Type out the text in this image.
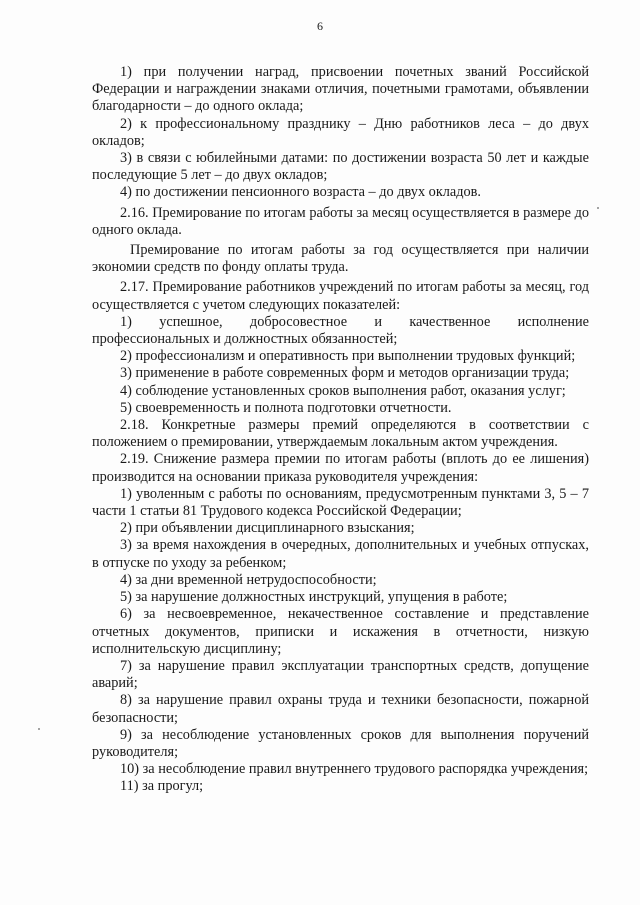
6

1) при получении наград, присвоении почетных званий Российской Федерации и награждении знаками отличия, почетными грамотами, объявлении благодарности – до одного оклада;

2) к профессиональному празднику – Дню работников леса – до двух окладов;

3) в связи с юбилейными датами: по достижении возраста 50 лет и каждые последующие 5 лет – до двух окладов;

4) по достижении пенсионного возраста – до двух окладов.

2.16. Премирование по итогам работы за месяц осуществляется в размере до одного оклада.

Премирование по итогам работы за год осуществляется при наличии экономии средств по фонду оплаты труда.

2.17. Премирование работников учреждений по итогам работы за месяц, год осуществляется с учетом следующих показателей:

1) успешное, добросовестное и качественное исполнение профессиональных и должностных обязанностей;

2) профессионализм и оперативность при выполнении трудовых функций;

3) применение в работе современных форм и методов организации труда;

4) соблюдение установленных сроков выполнения работ, оказания услуг;

5) своевременность и полнота подготовки отчетности.

2.18. Конкретные размеры премий определяются в соответствии с положением о премировании, утверждаемым локальным актом учреждения.

2.19. Снижение размера премии по итогам работы (вплоть до ее лишения) производится на основании приказа руководителя учреждения:

1) уволенным с работы по основаниям, предусмотренным пунктами 3, 5 – 7 части 1 статьи 81 Трудового кодекса Российской Федерации;

2) при объявлении дисциплинарного взыскания;

3) за время нахождения в очередных, дополнительных и учебных отпусках, в отпуске по уходу за ребенком;

4) за дни временной нетрудоспособности;

5) за нарушение должностных инструкций, упущения в работе;

6) за несвоевременное, некачественное составление и представление отчетных документов, приписки и искажения в отчетности, низкую исполнительскую дисциплину;

7) за нарушение правил эксплуатации транспортных средств, допущение аварий;

8) за нарушение правил охраны труда и техники безопасности, пожарной безопасности;

9) за несоблюдение установленных сроков для выполнения поручений руководителя;

10) за несоблюдение правил внутреннего трудового распорядка учреждения;

11) за прогул;
